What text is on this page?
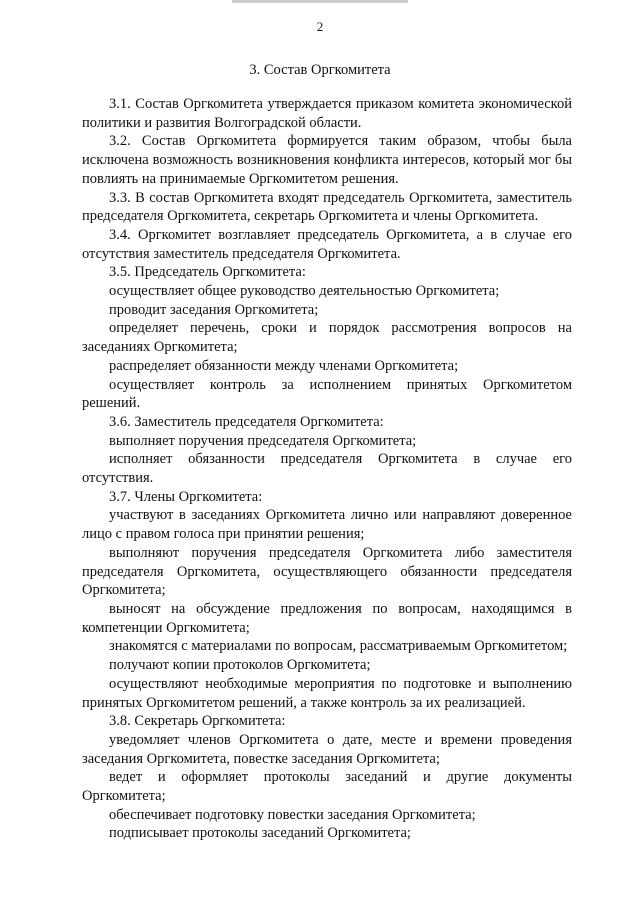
2
3. Состав Оргкомитета

3.1. Состав Оргкомитета утверждается приказом комитета экономической политики и развития Волгоградской области.

3.2. Состав Оргкомитета формируется таким образом, чтобы была исключена возможность возникновения конфликта интересов, который мог бы повлиять на принимаемые Оргкомитетом решения.

3.3. В состав Оргкомитета входят председатель Оргкомитета, заместитель председателя Оргкомитета, секретарь Оргкомитета и члены Оргкомитета.

3.4. Оргкомитет возглавляет председатель Оргкомитета, а в случае его отсутствия заместитель председателя Оргкомитета.

3.5. Председатель Оргкомитета:

осуществляет общее руководство деятельностью Оргкомитета;

проводит заседания Оргкомитета;

определяет перечень, сроки и порядок рассмотрения вопросов на заседаниях Оргкомитета;

распределяет обязанности между членами Оргкомитета;

осуществляет контроль за исполнением принятых Оргкомитетом решений.

3.6. Заместитель председателя Оргкомитета:

выполняет поручения председателя Оргкомитета;

исполняет обязанности председателя Оргкомитета в случае его отсутствия.

3.7. Члены Оргкомитета:

участвуют в заседаниях Оргкомитета лично или направляют доверенное лицо с правом голоса при принятии решения;

выполняют поручения председателя Оргкомитета либо заместителя председателя Оргкомитета, осуществляющего обязанности председателя Оргкомитета;

выносят на обсуждение предложения по вопросам, находящимся в компетенции Оргкомитета;

знакомятся с материалами по вопросам, рассматриваемым Оргкомитетом;

получают копии протоколов Оргкомитета;

осуществляют необходимые мероприятия по подготовке и выполнению принятых Оргкомитетом решений, а также контроль за их реализацией.

3.8. Секретарь Оргкомитета:

уведомляет членов Оргкомитета о дате, месте и времени проведения заседания Оргкомитета, повестке заседания Оргкомитета;

ведет и оформляет протоколы заседаний и другие документы Оргкомитета;

обеспечивает подготовку повестки заседания Оргкомитета;

подписывает протоколы заседаний Оргкомитета;
